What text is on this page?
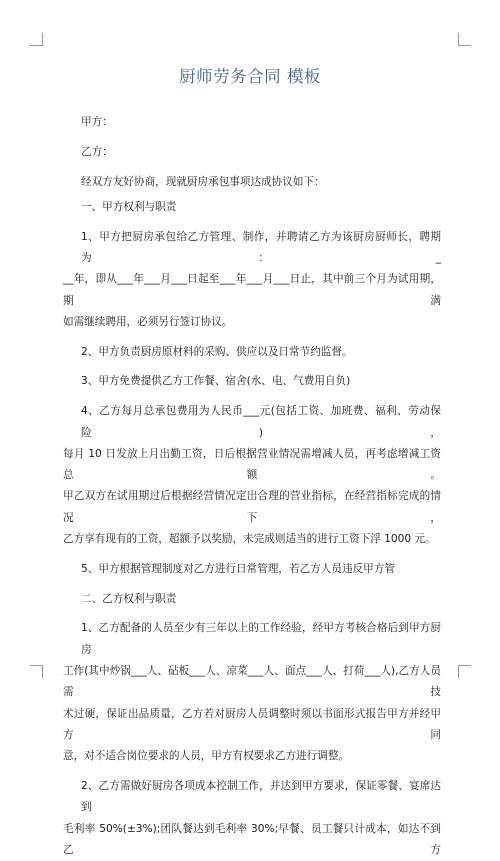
厨师劳务合同 模板

甲方：

乙方：

经双方友好协商，现就厨房承包事项达成协议如下：

一、甲方权利与职责

1、甲方把厨房承包给乙方管理、制作，并聘请乙方为该厨房厨师长，聘期为：_

__年，即从___年___月___日起至___年___月___日止，其中前三个月为试用期，期满

如需继续聘用，必须另行签订协议。

2、甲方负责厨房原材料的采购、供应以及日常节约监督。

3、甲方免费提供乙方工作餐、宿舍(水、电、气费用自负)

4、乙方每月总承包费用为人民币___元(包括工资、加班费、福利、劳动保险)，

每月 10 日发放上月出勤工资，日后根据营业情况需增减人员，再考虑增减工资总额。

甲乙双方在试用期过后根据经营情况定出合理的营业指标，在经营指标完成的情况下，

乙方享有现有的工资，超额予以奖励，未完成则适当的进行工资下浮 1000 元。

5、甲方根据管理制度对乙方进行日常管理，若乙方人员违反甲方管

二、乙方权利与职责

1、乙方配备的人员至少有三年以上的工作经验，经甲方考核合格后到甲方厨房

工作(其中炒锅___人、砧板___人、凉菜___人、面点___人、打荷___人),乙方人员需技

术过硬，保证出品质量，乙方若对厨房人员调整时须以书面形式报告甲方并经甲方同

意，对不适合岗位要求的人员，甲方有权要求乙方进行调整。

2、乙方需做好厨房各项成本控制工作，并达到甲方要求，保证零餐、宴席达到

毛利率 50%(±3%);团队餐达到毛利率 30%;早餐、员工餐只计成本，如达不到乙方
